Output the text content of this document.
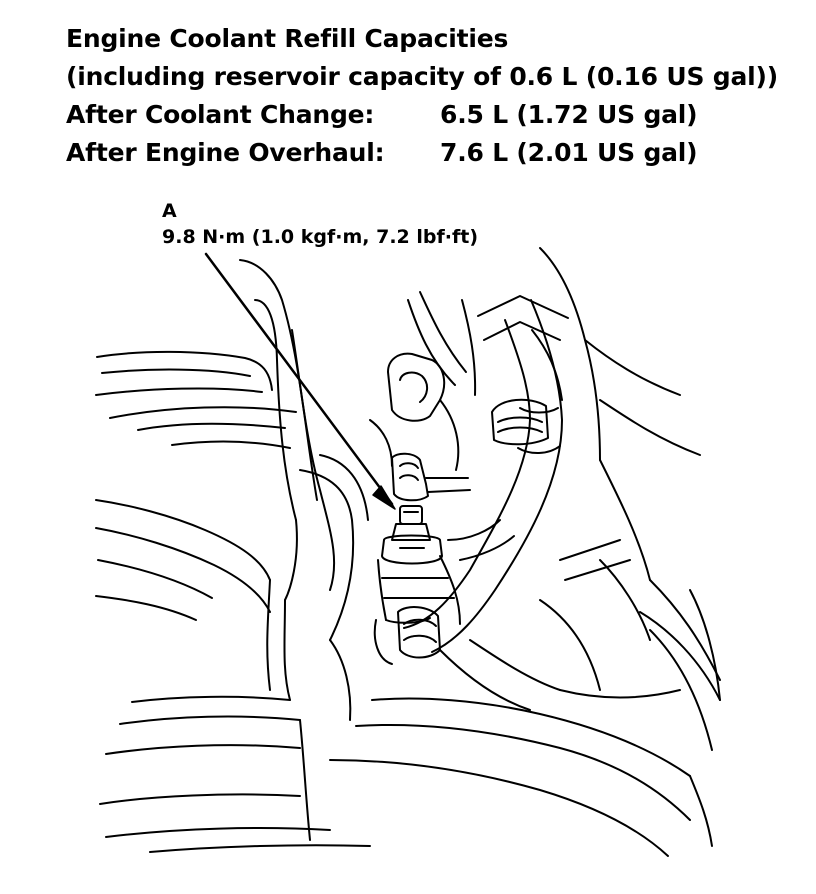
Engine Coolant Refill Capacities
(including reservoir capacity of 0.6 L (0.16 US gal))
After Coolant Change:	6.5 L (1.72 US gal)
After Engine Overhaul: 7.6 L (2.01 US gal)
A
9.8 N·m (1.0 kgf·m, 7.2 lbf·ft)
